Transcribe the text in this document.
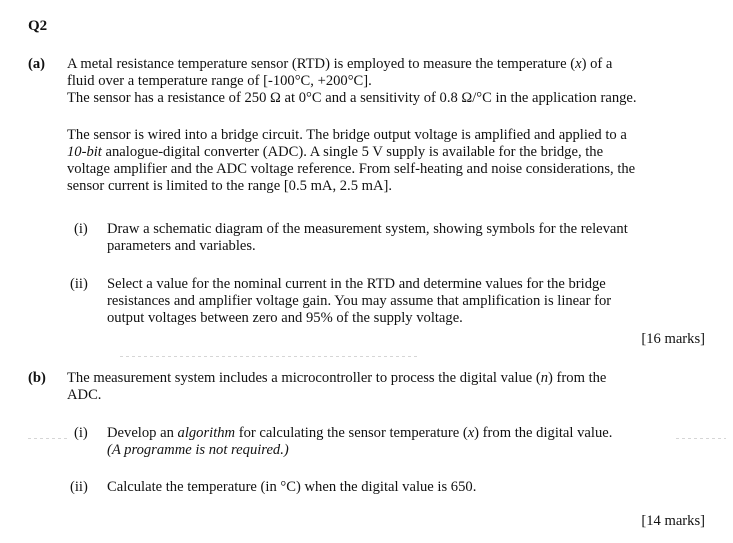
Q2
(a) A metal resistance temperature sensor (RTD) is employed to measure the temperature (x) of a
fluid over a temperature range of [-100°C, +200°C].
The sensor has a resistance of 250 Ω at 0°C and a sensitivity of 0.8 Ω/°C in the application range.
The sensor is wired into a bridge circuit. The bridge output voltage is amplified and applied to a
10-bit analogue-digital converter (ADC). A single 5 V supply is available for the bridge, the
voltage amplifier and the ADC voltage reference. From self-heating and noise considerations, the
sensor current is limited to the range [0.5 mA, 2.5 mA].
(i) Draw a schematic diagram of the measurement system, showing symbols for the relevant
parameters and variables.
(ii) Select a value for the nominal current in the RTD and determine values for the bridge
resistances and amplifier voltage gain. You may assume that amplification is linear for
output voltages between zero and 95% of the supply voltage.
[16 marks]
(b) The measurement system includes a microcontroller to process the digital value (n) from the
ADC.
(i) Develop an algorithm for calculating the sensor temperature (x) from the digital value.
(A programme is not required.)
(ii) Calculate the temperature (in °C) when the digital value is 650.
[14 marks]
